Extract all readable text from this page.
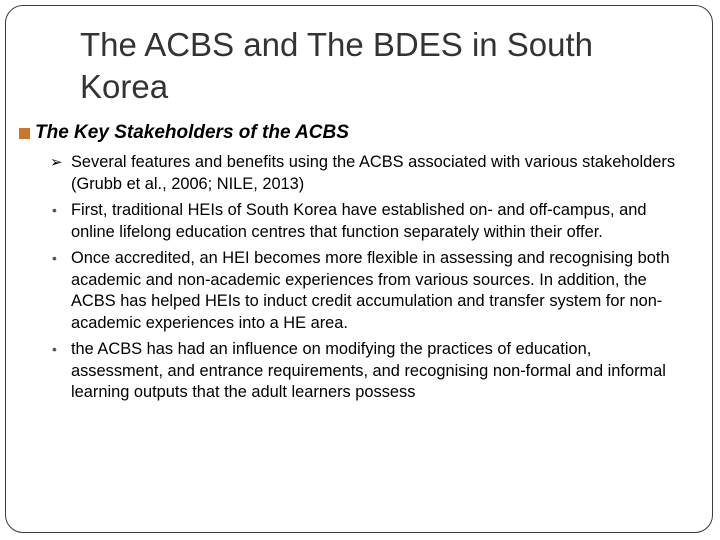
The ACBS and The BDES in South Korea
The Key Stakeholders of the ACBS
➢ Several features and benefits using the ACBS associated with various stakeholders (Grubb et al., 2006; NILE, 2013)
• First, traditional HEIs of South Korea have established on- and off-campus, and online lifelong education centres that function separately within their offer.
• Once accredited, an HEI becomes more flexible in assessing and recognising both academic and non-academic experiences from various sources. In addition, the ACBS has helped HEIs to induct credit accumulation and transfer system for non-academic experiences into a HE area.
• the ACBS has had an influence on modifying the practices of education, assessment, and entrance requirements, and recognising non-formal and informal learning outputs that the adult learners possess
